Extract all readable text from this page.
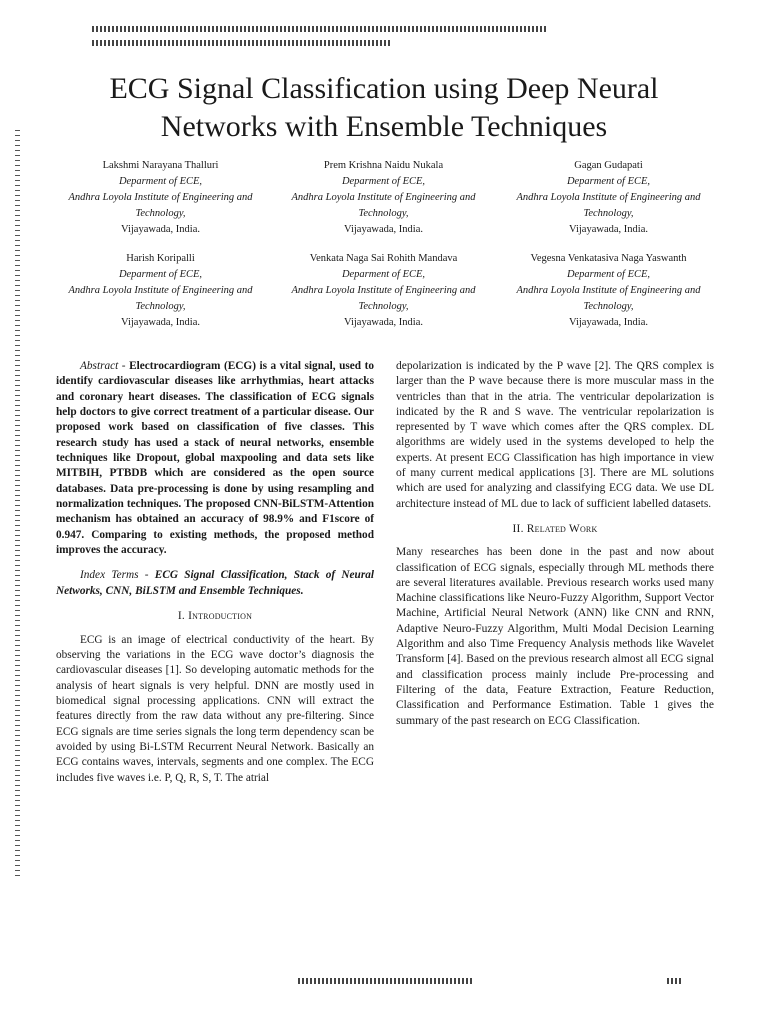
ECG Signal Classification using Deep Neural Networks with Ensemble Techniques
Lakshmi Narayana Thalluri
Deparment of ECE,
Andhra Loyola Institute of Engineering and Technology,
Vijayawada, India.
Prem Krishna Naidu Nukala
Deparment of ECE,
Andhra Loyola Institute of Engineering and Technology,
Vijayawada, India.
Gagan Gudapati
Deparment of ECE,
Andhra Loyola Institute of Engineering and Technology,
Vijayawada, India.
Harish Koripalli
Deparment of ECE,
Andhra Loyola Institute of Engineering and Technology,
Vijayawada, India.
Venkata Naga Sai Rohith Mandava
Deparment of ECE,
Andhra Loyola Institute of Engineering and Technology,
Vijayawada, India.
Vegesna Venkatasiva Naga Yaswanth
Deparment of ECE,
Andhra Loyola Institute of Engineering and Technology,
Vijayawada, India.

Abstract - Electrocardiogram (ECG) is a vital signal, used to identify cardiovascular diseases like arrhythmias, heart attacks and coronary heart diseases. The classification of ECG signals help doctors to give correct treatment of a particular disease. Our proposed work based on classification of five classes. This research study has used a stack of neural networks, ensemble techniques like Dropout, global maxpooling and data sets like MITBIH, PTBDB which are considered as the open source databases. Data pre-processing is done by using resampling and normalization techniques. The proposed CNN-BiLSTM-Attention mechanism has obtained an accuracy of 98.9% and F1score of 0.947. Comparing to existing methods, the proposed method improves the accuracy.

Index Terms - ECG Signal Classification, Stack of Neural Networks, CNN, BiLSTM and Ensemble Techniques.

I. Introduction

ECG is an image of electrical conductivity of the heart. By observing the variations in the ECG wave doctor’s diagnosis the cardiovascular diseases [1]. So developing automatic methods for the analysis of heart signals is very helpful. DNN are mostly used in biomedical signal processing applications. CNN will extract the features directly from the raw data without any pre-filtering. Since ECG signals are time series signals the long term dependency scan be avoided by using Bi-LSTM Recurrent Neural Network. Basically an ECG contains waves, intervals, segments and one complex. The ECG includes five waves i.e. P, Q, R, S, T. The atrial

depolarization is indicated by the P wave [2]. The QRS complex is larger than the P wave because there is more muscular mass in the ventricles than that in the atria. The ventricular depolarization is indicated by the R and S wave. The ventricular repolarization is represented by T wave which comes after the QRS complex. DL algorithms are widely used in the systems developed to help the experts. At present ECG Classification has high importance in view of many current medical applications [3]. There are ML solutions which are used for analyzing and classifying ECG data. We use DL architecture instead of ML due to lack of sufficient labelled datasets.

II. Related Work

Many researches has been done in the past and now about classification of ECG signals, especially through ML methods there are several literatures available. Previous research works used many Machine classifications like Neuro-Fuzzy Algorithm, Support Vector Machine, Artificial Neural Network (ANN) like CNN and RNN, Adaptive Neuro-Fuzzy Algorithm, Multi Modal Decision Learning Algorithm and also Time Frequency Analysis methods like Wavelet Transform [4]. Based on the previous research almost all ECG signal and classification process mainly include Pre-processing and Filtering of the data, Feature Extraction, Feature Reduction, Classification and Performance Estimation. Table 1 gives the summary of the past research on ECG Classification.
